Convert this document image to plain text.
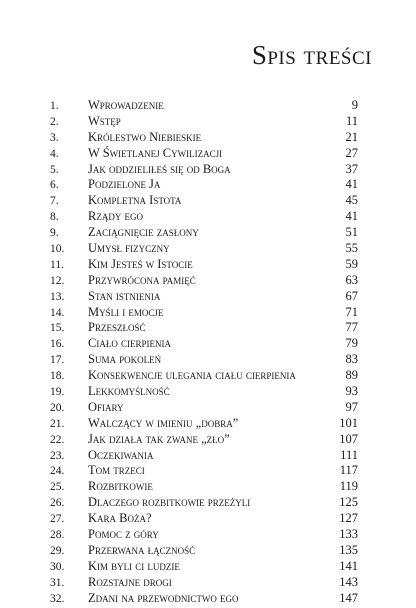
Spis treści
1.	Wprowadzenie	9
2.	Wstęp	11
3.	Królestwo Niebieskie	21
4.	W Świetlanej Cywilizacji	27
5.	Jak oddzieliłeś się od Boga	37
6.	Podzielone Ja	41
7.	Kompletna Istota	45
8.	Rządy ego	41
9.	Zaciągnięcie zasłony	51
10.	Umysł fizyczny	55
11.	Kim Jesteś w Istocie	59
12.	Przywrócona pamięć	63
13.	Stan istnienia	67
14.	Myśli i emocje	71
15.	Przeszłość	77
16.	Ciało cierpienia	79
17.	Suma pokoleń	83
18.	Konsekwencje ulegania ciału cierpienia	89
19.	Lekkomyślność	93
20.	Ofiary	97
21.	Walczący w imieniu „dobra”	101
22.	Jak działa tak zwane „zło”	107
23.	Oczekiwania	111
24.	Tom trzeci	117
25.	Rozbitkowie	119
26.	Dlaczego rozbitkowie przeżyli	125
27.	Kara Boża?	127
28.	Pomoc z góry	133
29.	Przerwana łączność	135
30.	Kim byli ci ludzie	141
31.	Rozstajne drogi	143
32.	Zdani na przewodnictwo ego	147
